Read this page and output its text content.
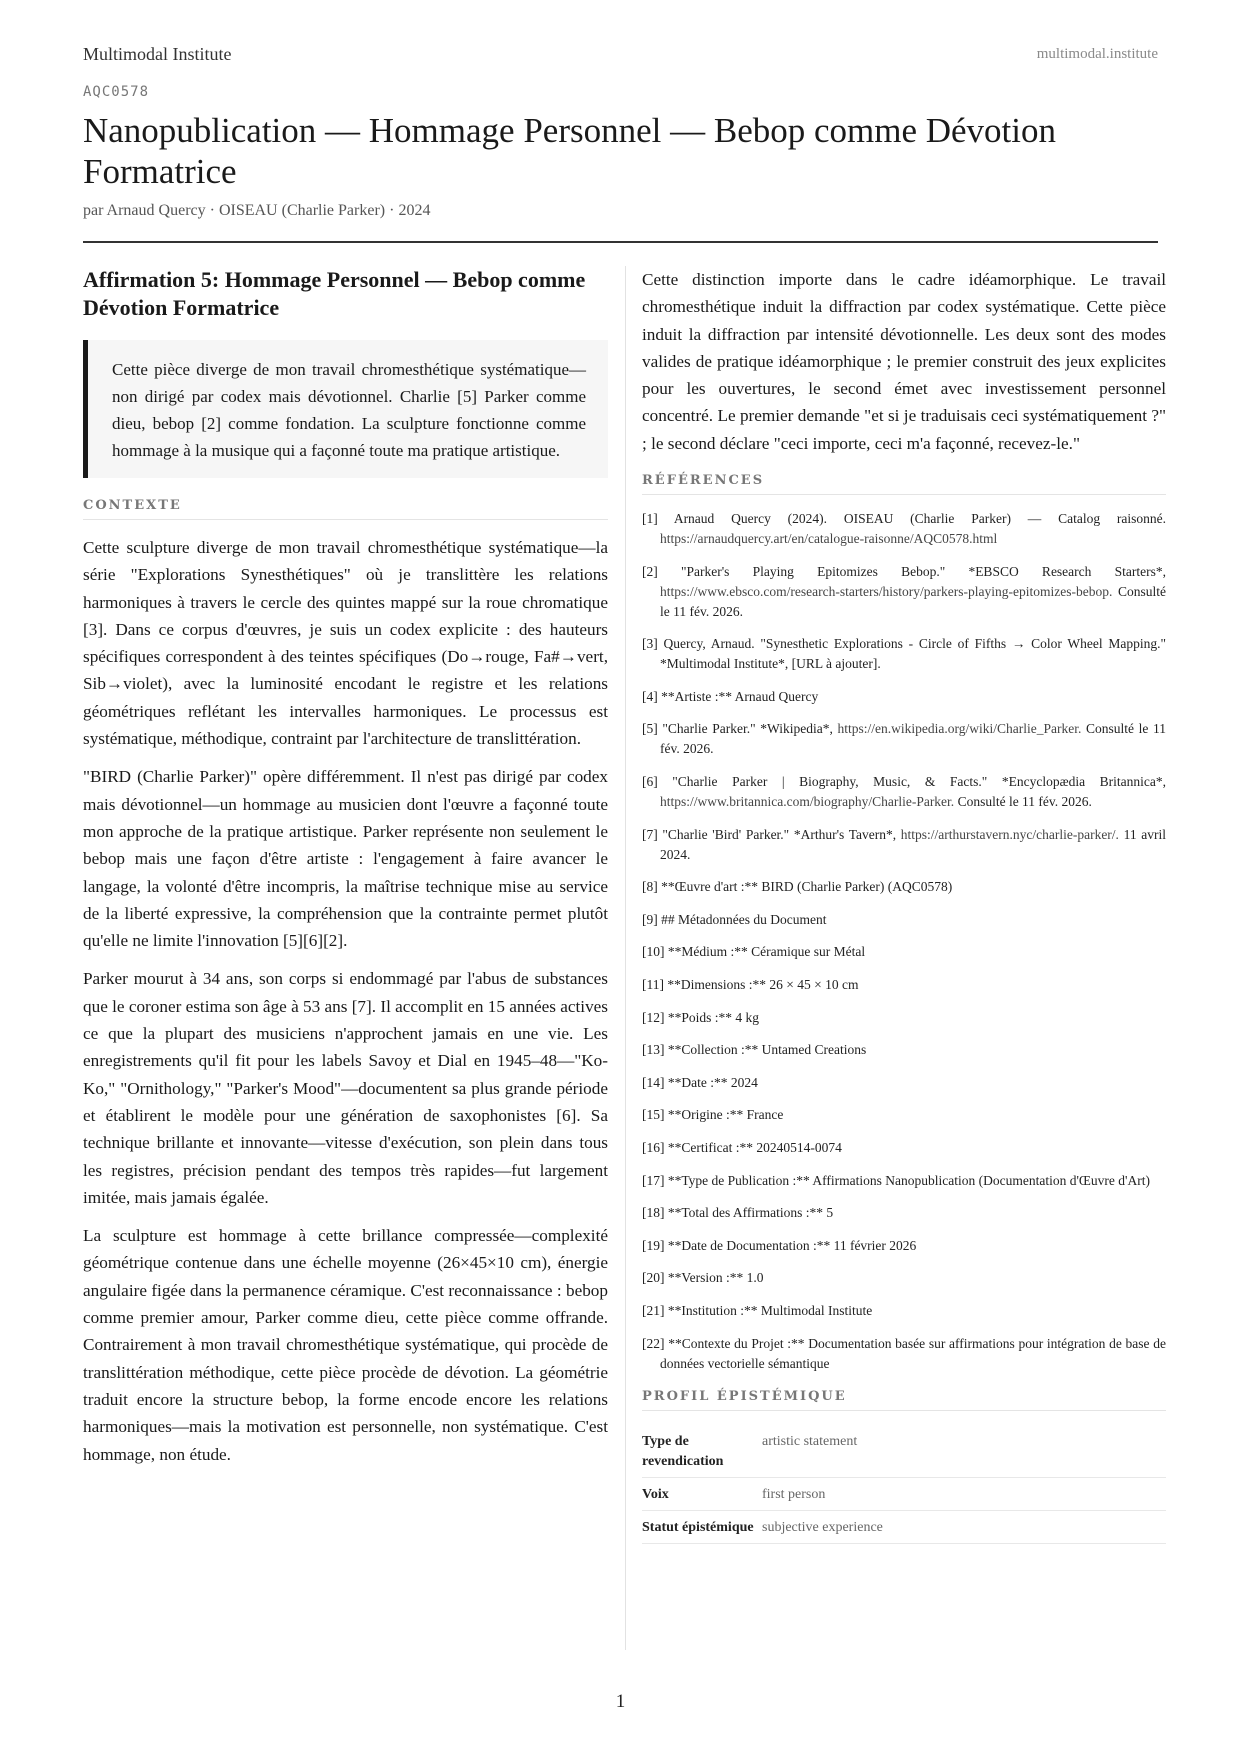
Multimodal Institute	multimodal.institute
AQC0578
Nanopublication — Hommage Personnel — Bebop comme Dévotion Formatrice
par Arnaud Quercy · OISEAU (Charlie Parker) · 2024
Affirmation 5: Hommage Personnel — Bebop comme Dévotion Formatrice
Cette pièce diverge de mon travail chromesthétique systématique—non dirigé par codex mais dévotionnel. Charlie [5] Parker comme dieu, bebop [2] comme fondation. La sculpture fonctionne comme hommage à la musique qui a façonné toute ma pratique artistique.
CONTEXTE

Cette sculpture diverge de mon travail chromesthétique systématique—la série "Explorations Synesthétiques" où je translittère les relations harmoniques à travers le cercle des quintes mappé sur la roue chromatique [3]. Dans ce corpus d'œuvres, je suis un codex explicite : des hauteurs spécifiques correspondent à des teintes spécifiques (Do→rouge, Fa#→vert, Sib→violet), avec la luminosité encodant le registre et les relations géométriques reflétant les intervalles harmoniques. Le processus est systématique, méthodique, contraint par l'architecture de translittération.

"BIRD (Charlie Parker)" opère différemment. Il n'est pas dirigé par codex mais dévotionnel—un hommage au musicien dont l'œuvre a façonné toute mon approche de la pratique artistique. Parker représente non seulement le bebop mais une façon d'être artiste : l'engagement à faire avancer le langage, la volonté d'être incompris, la maîtrise technique mise au service de la liberté expressive, la compréhension que la contrainte permet plutôt qu'elle ne limite l'innovation [5][6][2].

Parker mourut à 34 ans, son corps si endommagé par l'abus de substances que le coroner estima son âge à 53 ans [7]. Il accomplit en 15 années actives ce que la plupart des musiciens n'approchent jamais en une vie. Les enregistrements qu'il fit pour les labels Savoy et Dial en 1945–48—"Ko-Ko," "Ornithology," "Parker's Mood"—documentent sa plus grande période et établirent le modèle pour une génération de saxophonistes [6]. Sa technique brillante et innovante—vitesse d'exécution, son plein dans tous les registres, précision pendant des tempos très rapides—fut largement imitée, mais jamais égalée.

La sculpture est hommage à cette brillance compressée—complexité géométrique contenue dans une échelle moyenne (26×45×10 cm), énergie angulaire figée dans la permanence céramique. C'est reconnaissance : bebop comme premier amour, Parker comme dieu, cette pièce comme offrande. Contrairement à mon travail chromesthétique systématique, qui procède de translittération méthodique, cette pièce procède de dévotion. La géométrie traduit encore la structure bebop, la forme encode encore les relations harmoniques—mais la motivation est personnelle, non systématique. C'est hommage, non étude.

Cette distinction importe dans le cadre idéamorphique. Le travail chromesthétique induit la diffraction par codex systématique. Cette pièce induit la diffraction par intensité dévotionnelle. Les deux sont des modes valides de pratique idéamorphique ; le premier construit des jeux explicites pour les ouvertures, le second émet avec investissement personnel concentré. Le premier demande "et si je traduisais ceci systématiquement ?" ; le second déclare "ceci importe, ceci m'a façonné, recevez-le."

RÉFÉRENCES
[1] Arnaud Quercy (2024). OISEAU (Charlie Parker) — Catalog raisonné. https://arnaudquercy.art/en/catalogue-raisonne/AQC0578.html
[2] "Parker's Playing Epitomizes Bebop." *EBSCO Research Starters*, https://www.ebsco.com/research-starters/history/parkers-playing-epitomizes-bebop. Consulté le 11 fév. 2026.
[3] Quercy, Arnaud. "Synesthetic Explorations - Circle of Fifths → Color Wheel Mapping." *Multimodal Institute*, [URL à ajouter].
[4] **Artiste :** Arnaud Quercy
[5] "Charlie Parker." *Wikipedia*, https://en.wikipedia.org/wiki/Charlie_Parker. Consulté le 11 fév. 2026.
[6] "Charlie Parker | Biography, Music, & Facts." *Encyclopædia Britannica*, https://www.britannica.com/biography/Charlie-Parker. Consulté le 11 fév. 2026.
[7] "Charlie 'Bird' Parker." *Arthur's Tavern*, https://arthurstavern.nyc/charlie-parker/. 11 avril 2024.
[8] **Œuvre d'art :** BIRD (Charlie Parker) (AQC0578)
[9] ## Métadonnées du Document
[10] **Médium :** Céramique sur Métal
[11] **Dimensions :** 26 × 45 × 10 cm
[12] **Poids :** 4 kg
[13] **Collection :** Untamed Creations
[14] **Date :** 2024
[15] **Origine :** France
[16] **Certificat :** 20240514-0074
[17] **Type de Publication :** Affirmations Nanopublication (Documentation d'Œuvre d'Art)
[18] **Total des Affirmations :** 5
[19] **Date de Documentation :** 11 février 2026
[20] **Version :** 1.0
[21] **Institution :** Multimodal Institute
[22] **Contexte du Projet :** Documentation basée sur affirmations pour intégration de base de données vectorielle sémantique
PROFIL ÉPISTÉMIQUE
Type de revendication	artistic statement
Voix	first person
Statut épistémique	subjective experience
1
